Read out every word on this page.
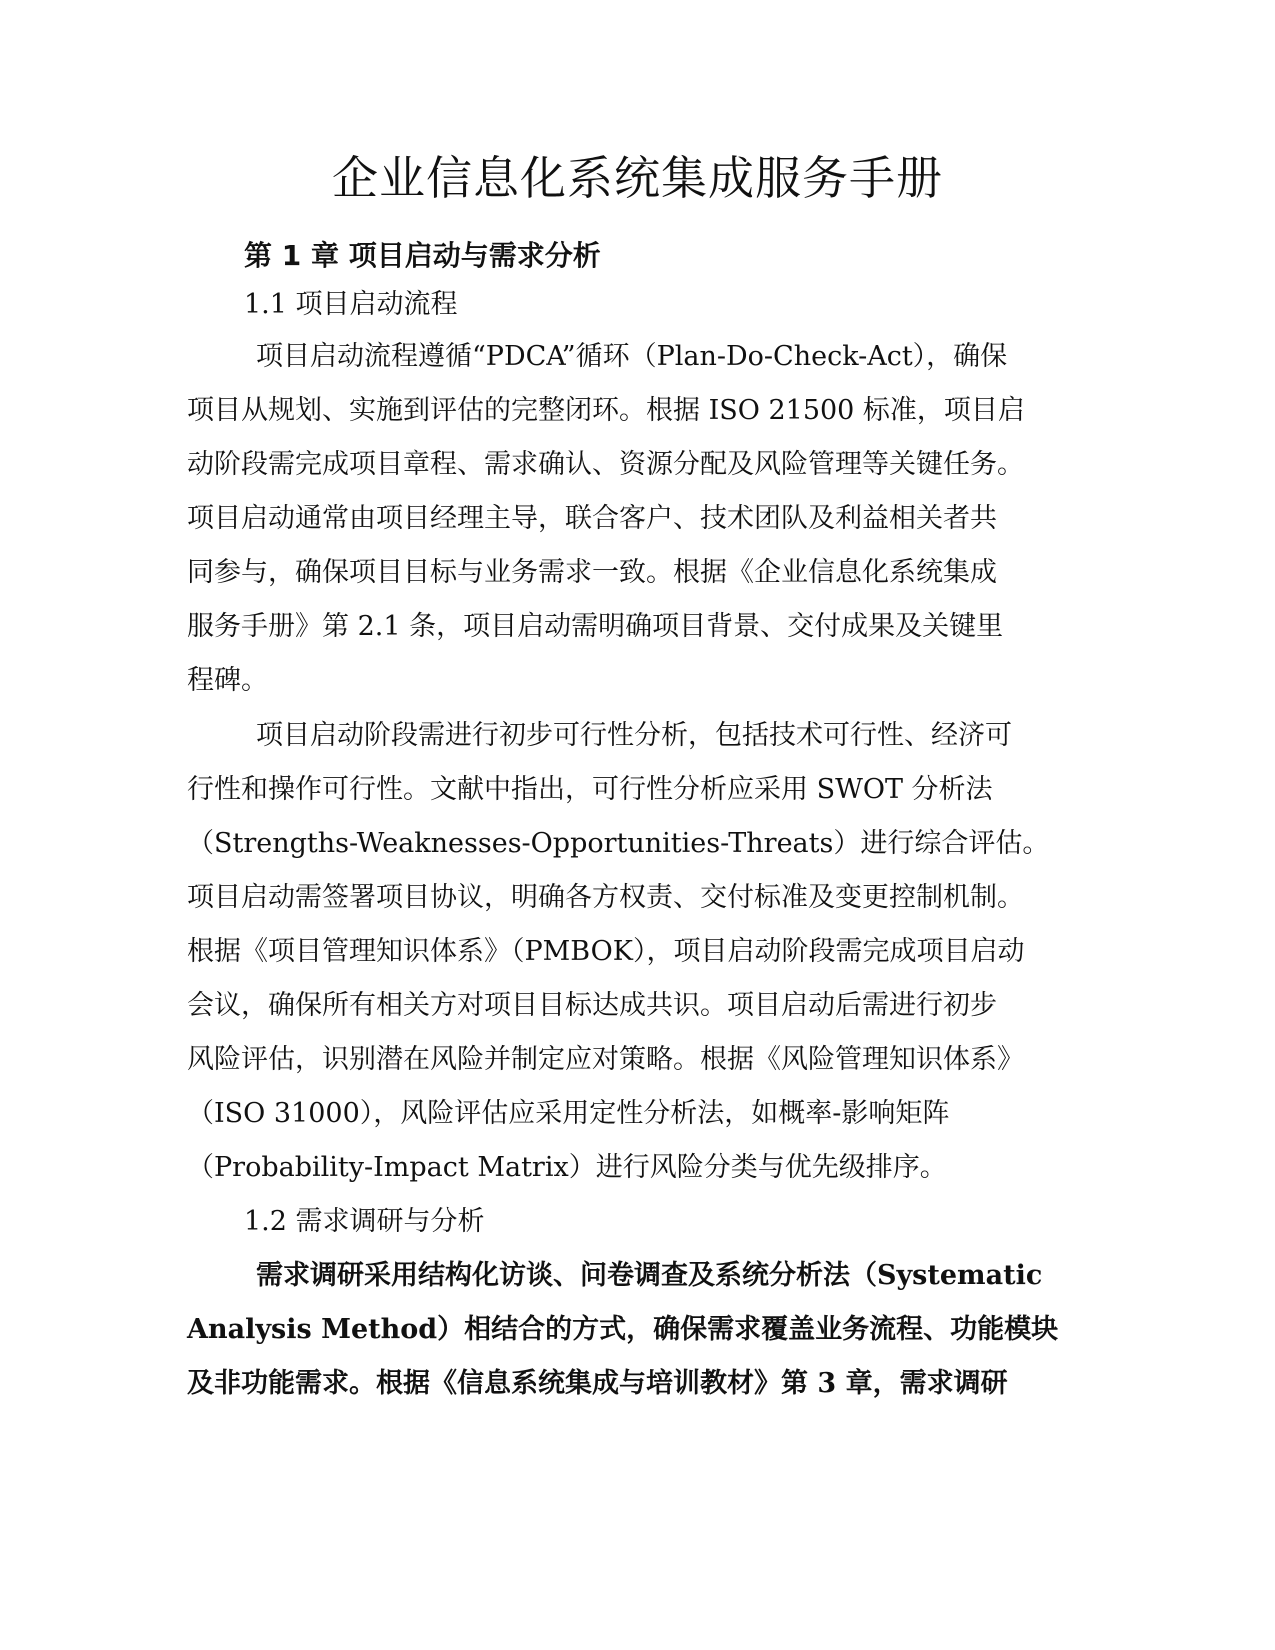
企业信息化系统集成服务手册
第 1 章 项目启动与需求分析
1.1 项目启动流程
项目启动流程遵循“PDCA”循环（Plan-Do-Check-Act），确保
项目从规划、实施到评估的完整闭环。根据 ISO 21500 标准，项目启
动阶段需完成项目章程、需求确认、资源分配及风险管理等关键任务。
项目启动通常由项目经理主导，联合客户、技术团队及利益相关者共
同参与，确保项目目标与业务需求一致。根据《企业信息化系统集成
服务手册》第 2.1 条，项目启动需明确项目背景、交付成果及关键里
程碑。
项目启动阶段需进行初步可行性分析，包括技术可行性、经济可
行性和操作可行性。文献中指出，可行性分析应采用 SWOT 分析法
（Strengths-Weaknesses-Opportunities-Threats）进行综合评估。
项目启动需签署项目协议，明确各方权责、交付标准及变更控制机制。
根据《项目管理知识体系》（PMBOK），项目启动阶段需完成项目启动
会议，确保所有相关方对项目目标达成共识。项目启动后需进行初步
风险评估，识别潜在风险并制定应对策略。根据《风险管理知识体系》
（ISO 31000），风险评估应采用定性分析法，如概率-影响矩阵
（Probability-Impact Matrix）进行风险分类与优先级排序。
1.2 需求调研与分析
需求调研采用结构化访谈、问卷调查及系统分析法（Systematic
Analysis Method）相结合的方式，确保需求覆盖业务流程、功能模块
及非功能需求。根据《信息系统集成与培训教材》第 3 章，需求调研
